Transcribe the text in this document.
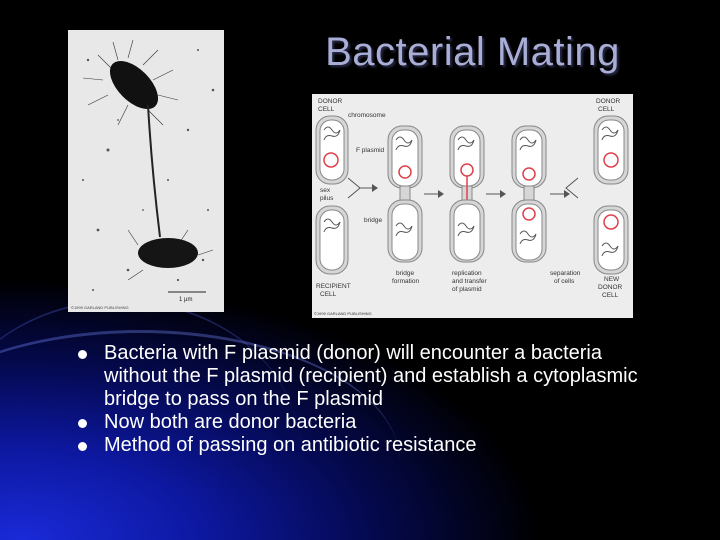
Bacterial Mating
1 µm
©1999 GARLAND PUBLISHING
DONOR
CELL
chromosome
F plasmid
sex
pilus
bridge
RECIPIENT
CELL
bridge
formation
replication
and transfer
of plasmid
separation
of cells
DONOR
CELL
NEW
DONOR
CELL
©1999 GARLAND PUBLISHING
Bacteria with F plasmid (donor) will encounter a bacteria without the F plasmid (recipient) and establish a cytoplasmic bridge to pass on the F plasmid
Now both are donor bacteria
Method of passing on antibiotic resistance
